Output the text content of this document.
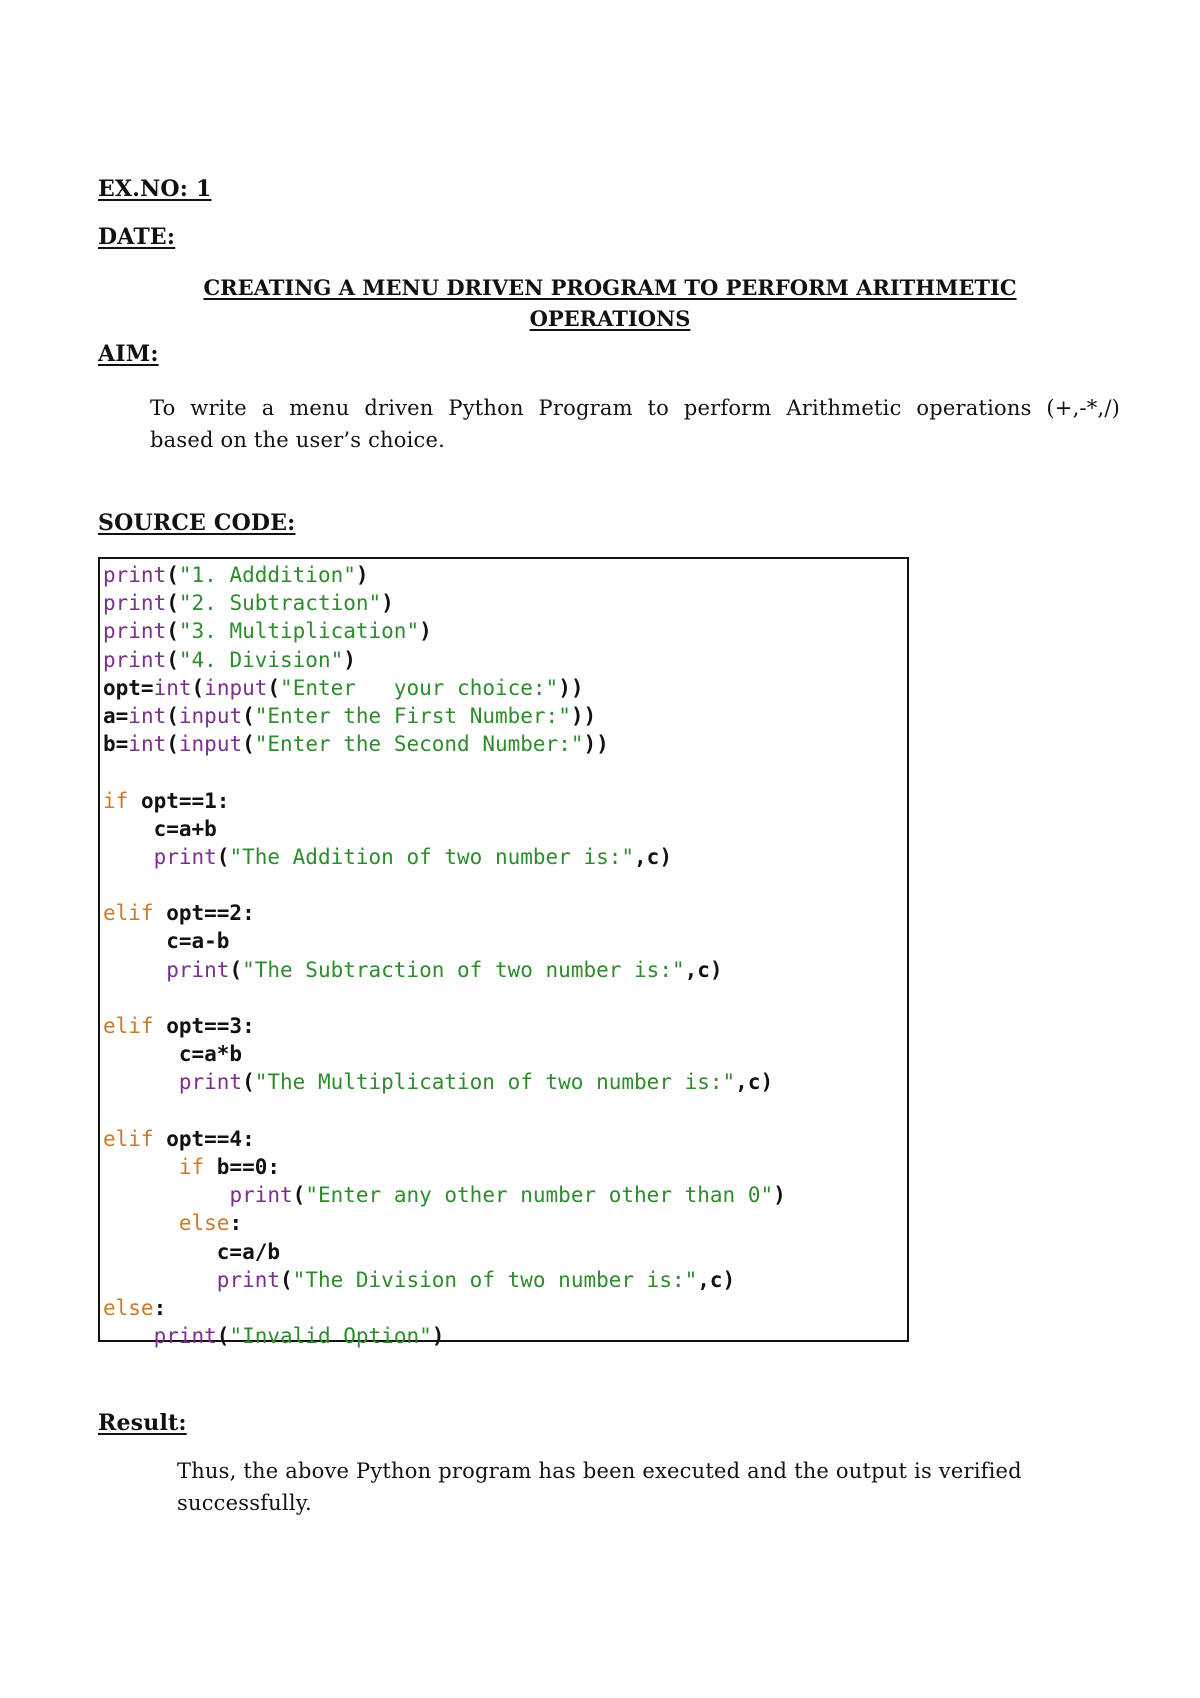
EX.NO: 1
DATE:
CREATING A MENU DRIVEN PROGRAM TO PERFORM ARITHMETIC
OPERATIONS
AIM:
To write a menu driven Python Program to perform Arithmetic operations (+,-*,/)
based on the user’s choice.
SOURCE CODE:
print("1. Adddition")
print("2. Subtraction")
print("3. Multiplication")
print("4. Division")
opt=int(input("Enter   your choice:"))
a=int(input("Enter the First Number:"))
b=int(input("Enter the Second Number:"))

if opt==1:
c=a+b
print("The Addition of two number is:",c)

elif opt==2:
c=a-b
print("The Subtraction of two number is:",c)

elif opt==3:
c=a*b
print("The Multiplication of two number is:",c)

elif opt==4:
if b==0:
print("Enter any other number other than 0")
else:
c=a/b
print("The Division of two number is:",c)
else:
print("Invalid Option")
Result:
Thus, the above Python program has been executed and the output is verified
successfully.
